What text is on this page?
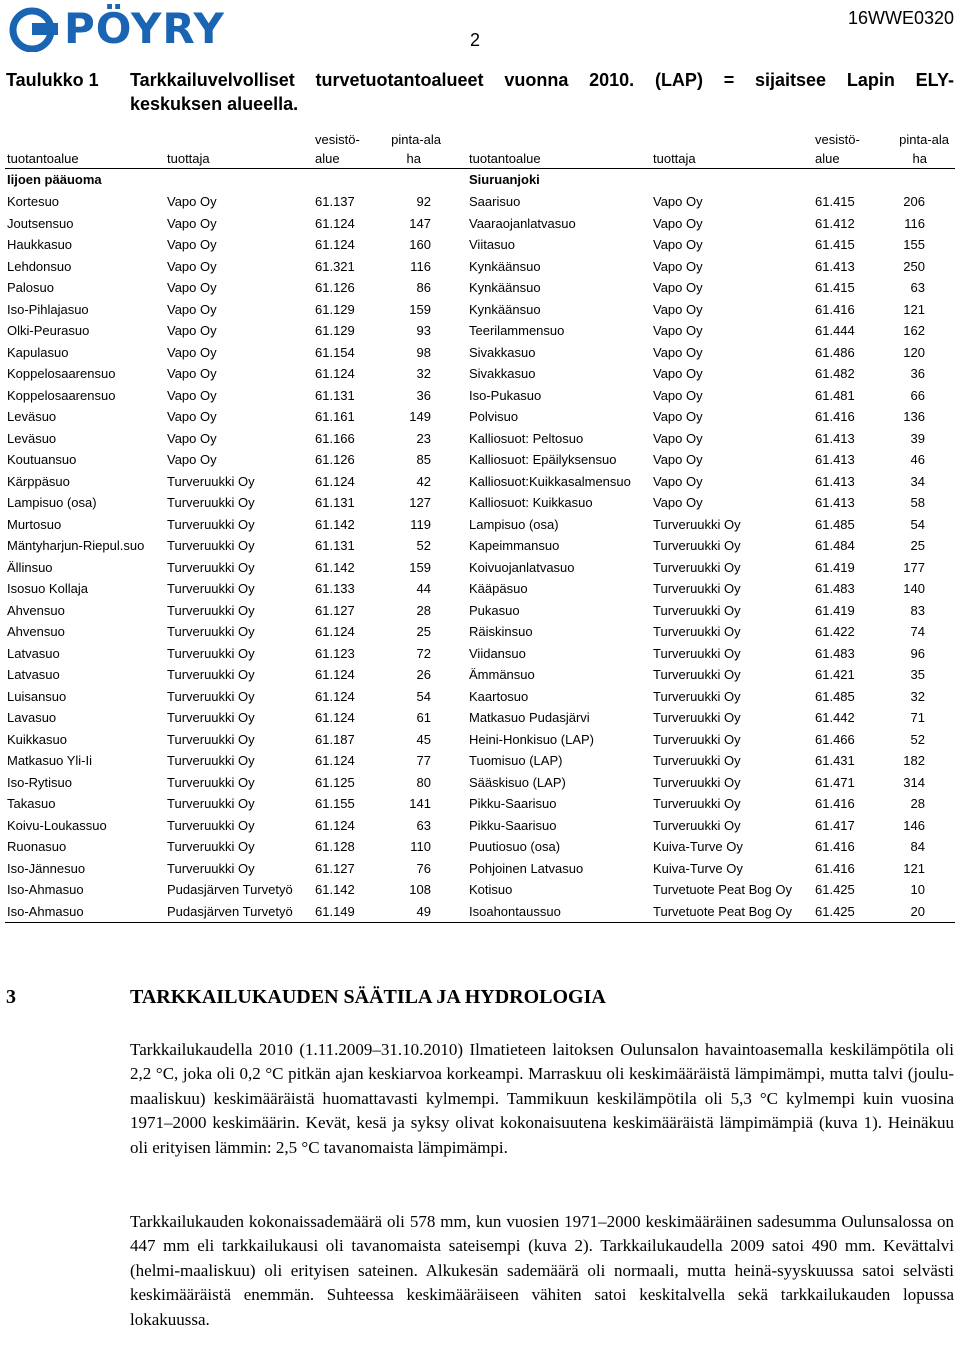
PÖYRY	2
16WWE0320
Taulukko 1 Tarkkailuvelvolliset turvetuotantoalueet vuonna 2010. (LAP) = sijaitsee Lapin ELY-
keskuksen alueella.
		vesistö-	pinta-ala			vesistö-	pinta-ala
tuotantoalue	tuottaja	alue	ha	tuotantoalue	tuottaja	alue	ha
Iijoen pääuoma				Siuruanjoki			
Kortesuo	Vapo Oy	61.137	92	Saarisuo	Vapo Oy	61.415	206
Joutsensuo	Vapo Oy	61.124	147	Vaaraojanlatvasuo	Vapo Oy	61.412	116
Haukkasuo	Vapo Oy	61.124	160	Viitasuo	Vapo Oy	61.415	155
Lehdonsuo	Vapo Oy	61.321	116	Kynkäänsuo	Vapo Oy	61.413	250
Palosuo	Vapo Oy	61.126	86	Kynkäänsuo	Vapo Oy	61.415	63
Iso-Pihlajasuo	Vapo Oy	61.129	159	Kynkäänsuo	Vapo Oy	61.416	121
Olki-Peurasuo	Vapo Oy	61.129	93	Teerilammensuo	Vapo Oy	61.444	162
Kapulasuo	Vapo Oy	61.154	98	Sivakkasuo	Vapo Oy	61.486	120
Koppelosaarensuo	Vapo Oy	61.124	32	Sivakkasuo	Vapo Oy	61.482	36
Koppelosaarensuo	Vapo Oy	61.131	36	Iso-Pukasuo	Vapo Oy	61.481	66
Leväsuo	Vapo Oy	61.161	149	Polvisuo	Vapo Oy	61.416	136
Leväsuo	Vapo Oy	61.166	23	Kalliosuot: Peltosuo	Vapo Oy	61.413	39
Koutuansuo	Vapo Oy	61.126	85	Kalliosuot: Epäilyksensuo	Vapo Oy	61.413	46
Kärppäsuo	Turveruukki Oy	61.124	42	Kalliosuot:Kuikkasalmensuo	Vapo Oy	61.413	34
Lampisuo (osa)	Turveruukki Oy	61.131	127	Kalliosuot: Kuikkasuo	Vapo Oy	61.413	58
Murtosuo	Turveruukki Oy	61.142	119	Lampisuo (osa)	Turveruukki Oy	61.485	54
Mäntyharjun-Riepul.suo	Turveruukki Oy	61.131	52	Kapeimmansuo	Turveruukki Oy	61.484	25
Ällinsuo	Turveruukki Oy	61.142	159	Koivuojanlatvasuo	Turveruukki Oy	61.419	177
Isosuo Kollaja	Turveruukki Oy	61.133	44	Kääpäsuo	Turveruukki Oy	61.483	140
Ahvensuo	Turveruukki Oy	61.127	28	Pukasuo	Turveruukki Oy	61.419	83
Ahvensuo	Turveruukki Oy	61.124	25	Räiskinsuo	Turveruukki Oy	61.422	74
Latvasuo	Turveruukki Oy	61.123	72	Viidansuo	Turveruukki Oy	61.483	96
Latvasuo	Turveruukki Oy	61.124	26	Ämmänsuo	Turveruukki Oy	61.421	35
Luisansuo	Turveruukki Oy	61.124	54	Kaartosuo	Turveruukki Oy	61.485	32
Lavasuo	Turveruukki Oy	61.124	61	Matkasuo Pudasjärvi	Turveruukki Oy	61.442	71
Kuikkasuo	Turveruukki Oy	61.187	45	Heini-Honkisuo (LAP)	Turveruukki Oy	61.466	52
Matkasuo Yli-Ii	Turveruukki Oy	61.124	77	Tuomisuo (LAP)	Turveruukki Oy	61.431	182
Iso-Rytisuo	Turveruukki Oy	61.125	80	Sääskisuo (LAP)	Turveruukki Oy	61.471	314
Takasuo	Turveruukki Oy	61.155	141	Pikku-Saarisuo	Turveruukki Oy	61.416	28
Koivu-Loukassuo	Turveruukki Oy	61.124	63	Pikku-Saarisuo	Turveruukki Oy	61.417	146
Ruonasuo	Turveruukki Oy	61.128	110	Puutiosuo (osa)	Kuiva-Turve Oy	61.416	84
Iso-Jännesuo	Turveruukki Oy	61.127	76	Pohjoinen Latvasuo	Kuiva-Turve Oy	61.416	121
Iso-Ahmasuo	Pudasjärven Turvetyö	61.142	108	Kotisuo	Turvetuote Peat Bog Oy	61.425	10
Iso-Ahmasuo	Pudasjärven Turvetyö	61.149	49	Isoahontaussuo	Turvetuote Peat Bog Oy	61.425	20
3	TARKKAILUKAUDEN SÄÄTILA JA HYDROLOGIA
Tarkkailukaudella 2010 (1.11.2009–31.10.2010) Ilmatieteen laitoksen Oulunsalon havaintoasemalla keskilämpötila oli 2,2 °C, joka oli 0,2 °C pitkän ajan keskiarvoa korkeampi. Marraskuu oli keskimääräistä lämpimämpi, mutta talvi (joulu-maaliskuu) keskimääräistä huomattavasti kylmempi. Tammikuun keskilämpötila oli 5,3 °C kylmempi kuin vuosina 1971–2000 keskimäärin. Kevät, kesä ja syksy olivat kokonaisuutena keskimääräistä lämpimämpiä (kuva 1). Heinäkuu oli erityisen lämmin: 2,5 °C tavanomaista lämpimämpi.
Tarkkailukauden kokonaissademäärä oli 578 mm, kun vuosien 1971–2000 keskimääräinen sadesumma Oulunsalossa on 447 mm eli tarkkailukausi oli tavanomaista sateisempi (kuva 2). Tarkkailukaudella 2009 satoi 490 mm. Kevättalvi (helmi-maaliskuu) oli erityisen sateinen. Alkukesän sademäärä oli normaali, mutta heinä-syyskuussa satoi selvästi keskimääräistä enemmän. Suhteessa keskimääräiseen vähiten satoi keskitalvella sekä tarkkailukauden lopussa lokakuussa.
